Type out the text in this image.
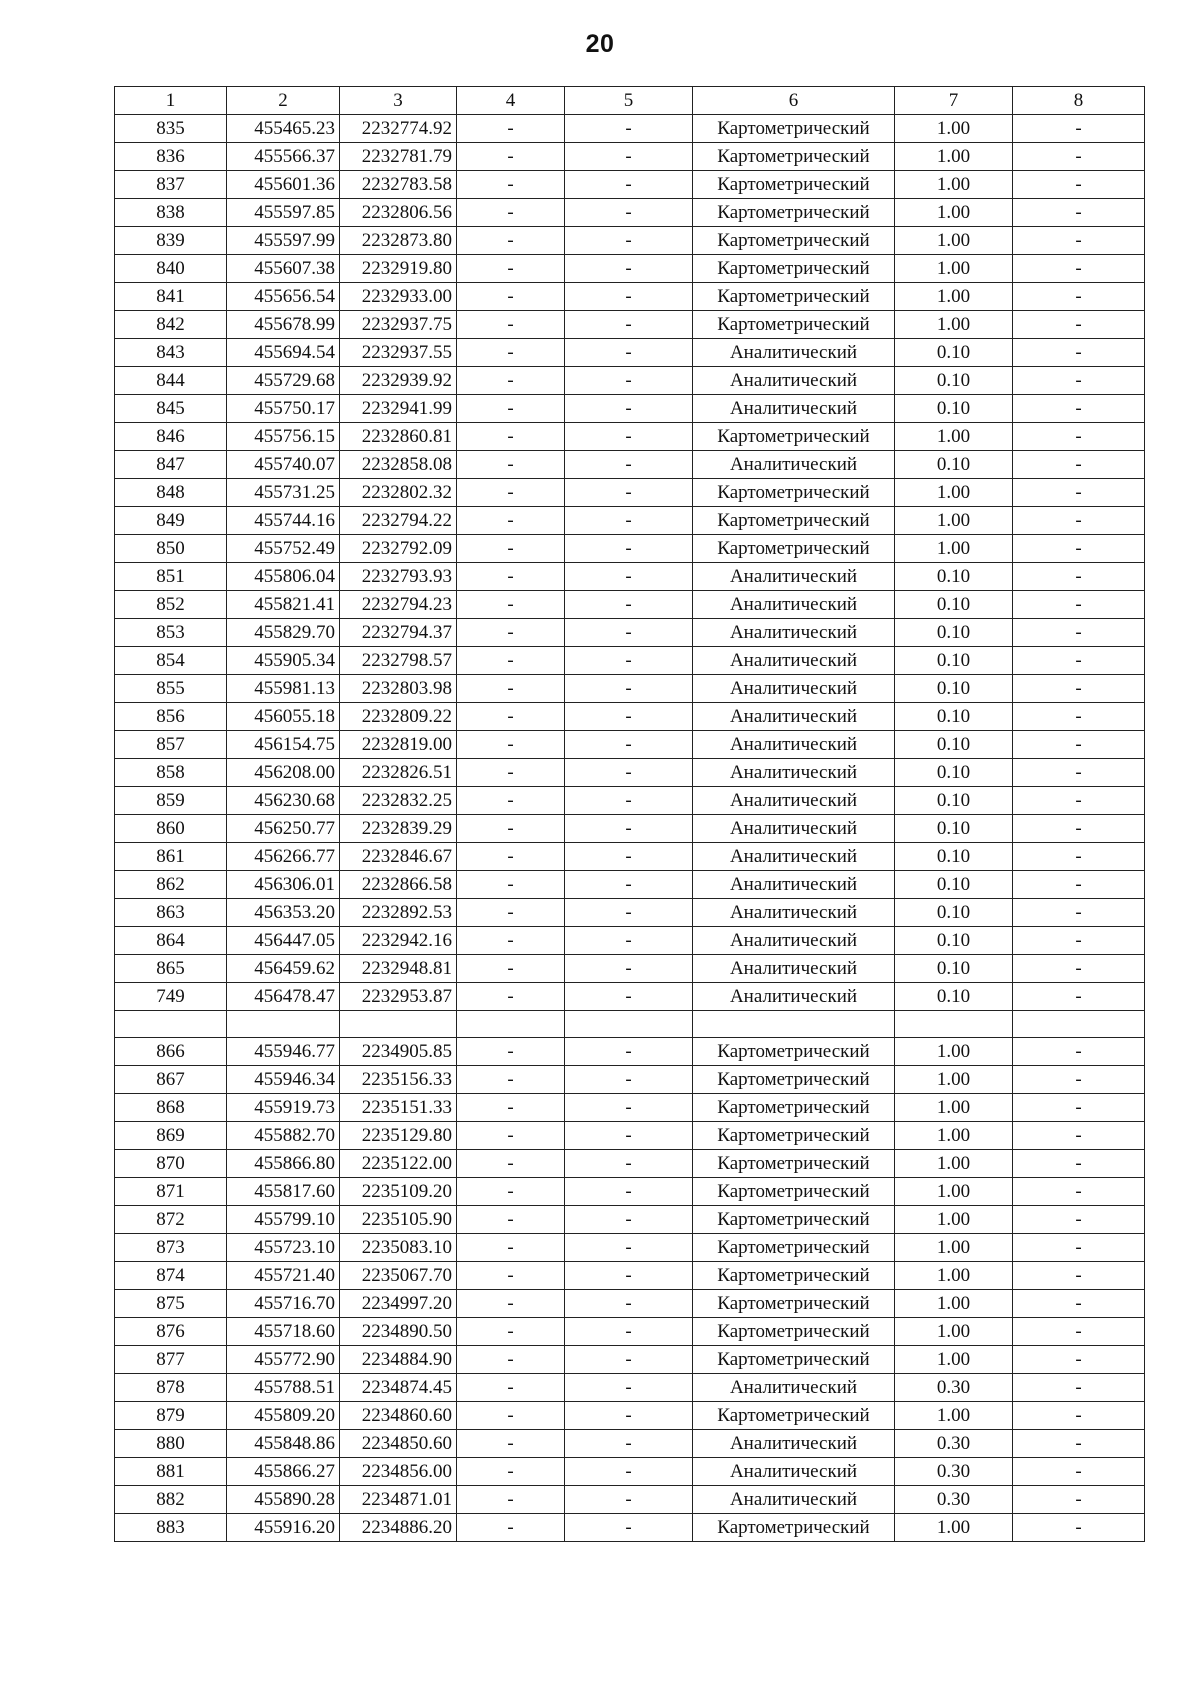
20
1	2	3	4	5	6	7	8
835	455465.23	2232774.92	-	-	Картометрический	1.00	-
836	455566.37	2232781.79	-	-	Картометрический	1.00	-
837	455601.36	2232783.58	-	-	Картометрический	1.00	-
838	455597.85	2232806.56	-	-	Картометрический	1.00	-
839	455597.99	2232873.80	-	-	Картометрический	1.00	-
840	455607.38	2232919.80	-	-	Картометрический	1.00	-
841	455656.54	2232933.00	-	-	Картометрический	1.00	-
842	455678.99	2232937.75	-	-	Картометрический	1.00	-
843	455694.54	2232937.55	-	-	Аналитический	0.10	-
844	455729.68	2232939.92	-	-	Аналитический	0.10	-
845	455750.17	2232941.99	-	-	Аналитический	0.10	-
846	455756.15	2232860.81	-	-	Картометрический	1.00	-
847	455740.07	2232858.08	-	-	Аналитический	0.10	-
848	455731.25	2232802.32	-	-	Картометрический	1.00	-
849	455744.16	2232794.22	-	-	Картометрический	1.00	-
850	455752.49	2232792.09	-	-	Картометрический	1.00	-
851	455806.04	2232793.93	-	-	Аналитический	0.10	-
852	455821.41	2232794.23	-	-	Аналитический	0.10	-
853	455829.70	2232794.37	-	-	Аналитический	0.10	-
854	455905.34	2232798.57	-	-	Аналитический	0.10	-
855	455981.13	2232803.98	-	-	Аналитический	0.10	-
856	456055.18	2232809.22	-	-	Аналитический	0.10	-
857	456154.75	2232819.00	-	-	Аналитический	0.10	-
858	456208.00	2232826.51	-	-	Аналитический	0.10	-
859	456230.68	2232832.25	-	-	Аналитический	0.10	-
860	456250.77	2232839.29	-	-	Аналитический	0.10	-
861	456266.77	2232846.67	-	-	Аналитический	0.10	-
862	456306.01	2232866.58	-	-	Аналитический	0.10	-
863	456353.20	2232892.53	-	-	Аналитический	0.10	-
864	456447.05	2232942.16	-	-	Аналитический	0.10	-
865	456459.62	2232948.81	-	-	Аналитический	0.10	-
749	456478.47	2232953.87	-	-	Аналитический	0.10	-

866	455946.77	2234905.85	-	-	Картометрический	1.00	-
867	455946.34	2235156.33	-	-	Картометрический	1.00	-
868	455919.73	2235151.33	-	-	Картометрический	1.00	-
869	455882.70	2235129.80	-	-	Картометрический	1.00	-
870	455866.80	2235122.00	-	-	Картометрический	1.00	-
871	455817.60	2235109.20	-	-	Картометрический	1.00	-
872	455799.10	2235105.90	-	-	Картометрический	1.00	-
873	455723.10	2235083.10	-	-	Картометрический	1.00	-
874	455721.40	2235067.70	-	-	Картометрический	1.00	-
875	455716.70	2234997.20	-	-	Картометрический	1.00	-
876	455718.60	2234890.50	-	-	Картометрический	1.00	-
877	455772.90	2234884.90	-	-	Картометрический	1.00	-
878	455788.51	2234874.45	-	-	Аналитический	0.30	-
879	455809.20	2234860.60	-	-	Картометрический	1.00	-
880	455848.86	2234850.60	-	-	Аналитический	0.30	-
881	455866.27	2234856.00	-	-	Аналитический	0.30	-
882	455890.28	2234871.01	-	-	Аналитический	0.30	-
883	455916.20	2234886.20	-	-	Картометрический	1.00	-
